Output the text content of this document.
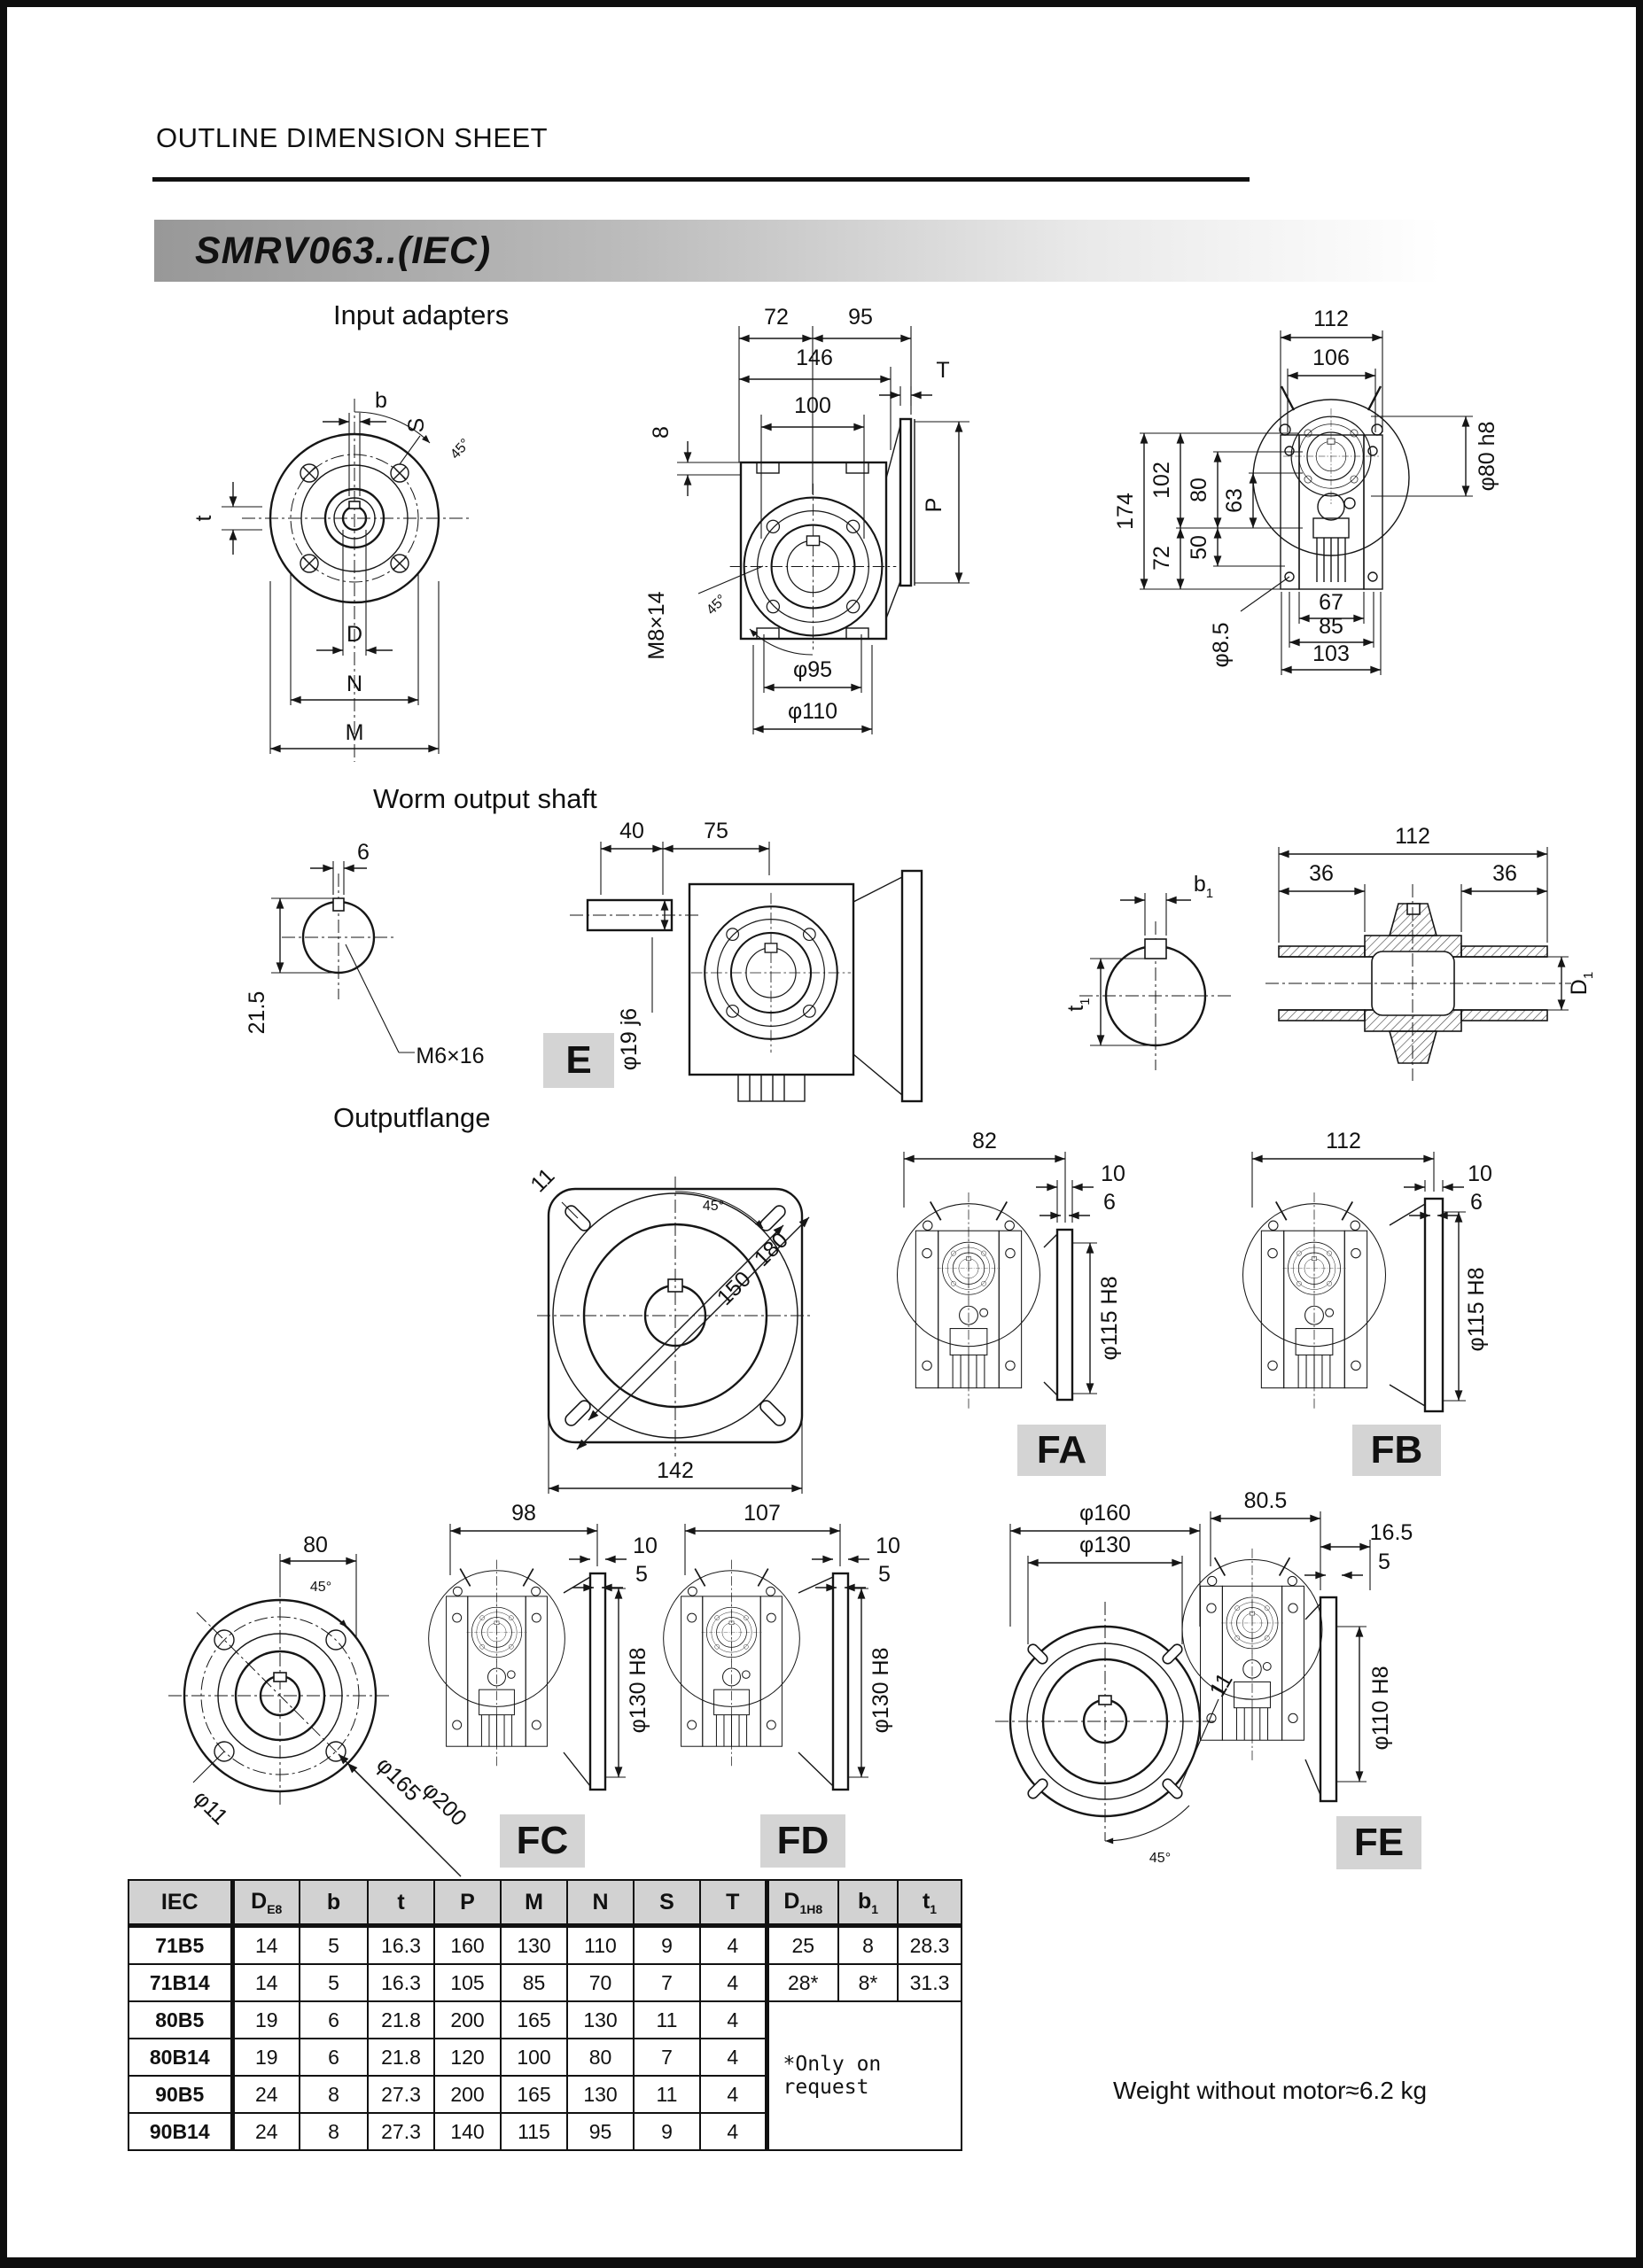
OUTLINE DIMENSION SHEET
SMRV063..(IEC)
Input adapters
Worm output shaft
Outputflange
b
S
45°
t
D
N
M
72	95
146
100
T
P
8
M8×14 45°
φ95
φ110
112
106
174
102
72
80
50
63
φ8.5
φ80 h8
67
85
103
6
21.5
M6×16
40	75
φ19 j6
E
$b_1$
$t_1$
112
36	36
$D_1$
11
180
150
45°
142
82
10
6
φ115 H8
FA
112
10
6
φ115 H8
FB
80
45°
φ11
φ165
φ200
98
10
5
φ130 H8
FC
107
10
5
φ130 H8
FD
φ160
φ130
11
45°
80.5
16.5
5
φ110 H8
FE
IEC	$D_{E8}$	b	t	P	M	N	S	T	$D_{1H8}$	$b_1$	$t_1$
71B5	14	5	16.3	160	130	110	9	4	25	8	28.3
71B14	14	5	16.3	105	85	70	7	4	28*	8*	31.3
80B5	19	6	21.8	200	165	130	11	4	*Only on request		
80B14	19	6	21.8	120	100	80	7	4			
90B5	24	8	27.3	200	165	130	11	4			
90B14	24	8	27.3	140	115	95	9	4			
Weight without motor≈6.2 kg
